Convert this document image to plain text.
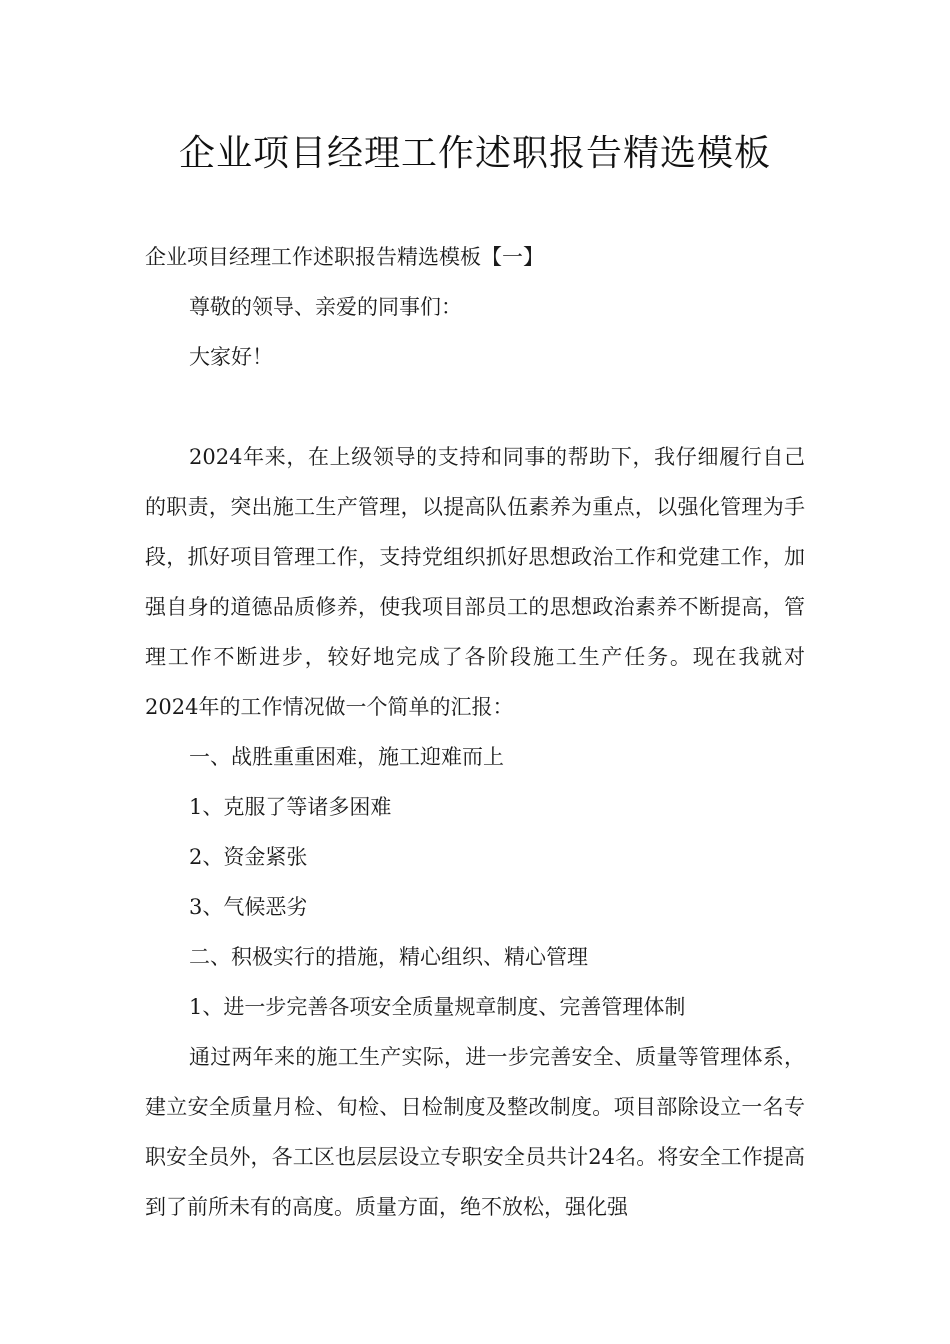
企业项目经理工作述职报告精选模板

企业项目经理工作述职报告精选模板【一】

尊敬的领导、亲爱的同事们：

大家好！

2024年来，在上级领导的支持和同事的帮助下，我仔细履行自己的职责，突出施工生产管理，以提高队伍素养为重点，以强化管理为手段，抓好项目管理工作，支持党组织抓好思想政治工作和党建工作，加强自身的道德品质修养，使我项目部员工的思想政治素养不断提高，管理工作不断进步，较好地完成了各阶段施工生产任务。现在我就对2024年的工作情况做一个简单的汇报：

一、战胜重重困难，施工迎难而上

1、克服了等诸多困难

2、资金紧张

3、气候恶劣

二、积极实行的措施，精心组织、精心管理

1、进一步完善各项安全质量规章制度、完善管理体制

通过两年来的施工生产实际，进一步完善安全、质量等管理体系，建立安全质量月检、旬检、日检制度及整改制度。项目部除设立一名专职安全员外，各工区也层层设立专职安全员共计24名。将安全工作提高到了前所未有的高度。质量方面，绝不放松，强化强
